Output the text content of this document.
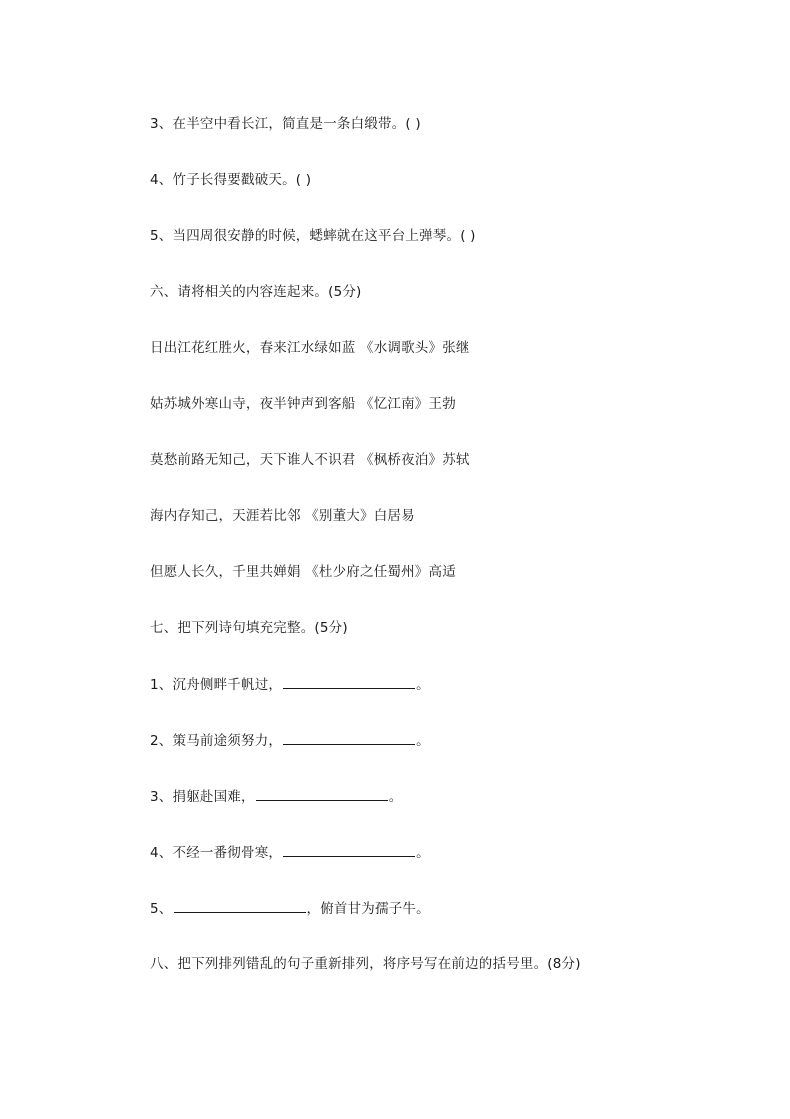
3、在半空中看长江，简直是一条白缎带。( )
4、竹子长得要戳破天。( )
5、当四周很安静的时候，蟋蟀就在这平台上弹琴。( )
六、请将相关的内容连起来。(5分)
日出江花红胜火，春来江水绿如蓝 《水调歌头》张继
姑苏城外寒山寺，夜半钟声到客船 《忆江南》王勃
莫愁前路无知己，天下谁人不识君 《枫桥夜泊》苏轼
海内存知己，天涯若比邻 《别董大》白居易
但愿人长久，千里共婵娟 《杜少府之任蜀州》高适
七、把下列诗句填充完整。(5分)
1、沉舟侧畔千帆过，	。
2、策马前途须努力，	。
3、捐躯赴国难，	。
4、不经一番彻骨寒，	。
5、	，俯首甘为孺子牛。
八、把下列排列错乱的句子重新排列，将序号写在前边的括号里。(8分)
